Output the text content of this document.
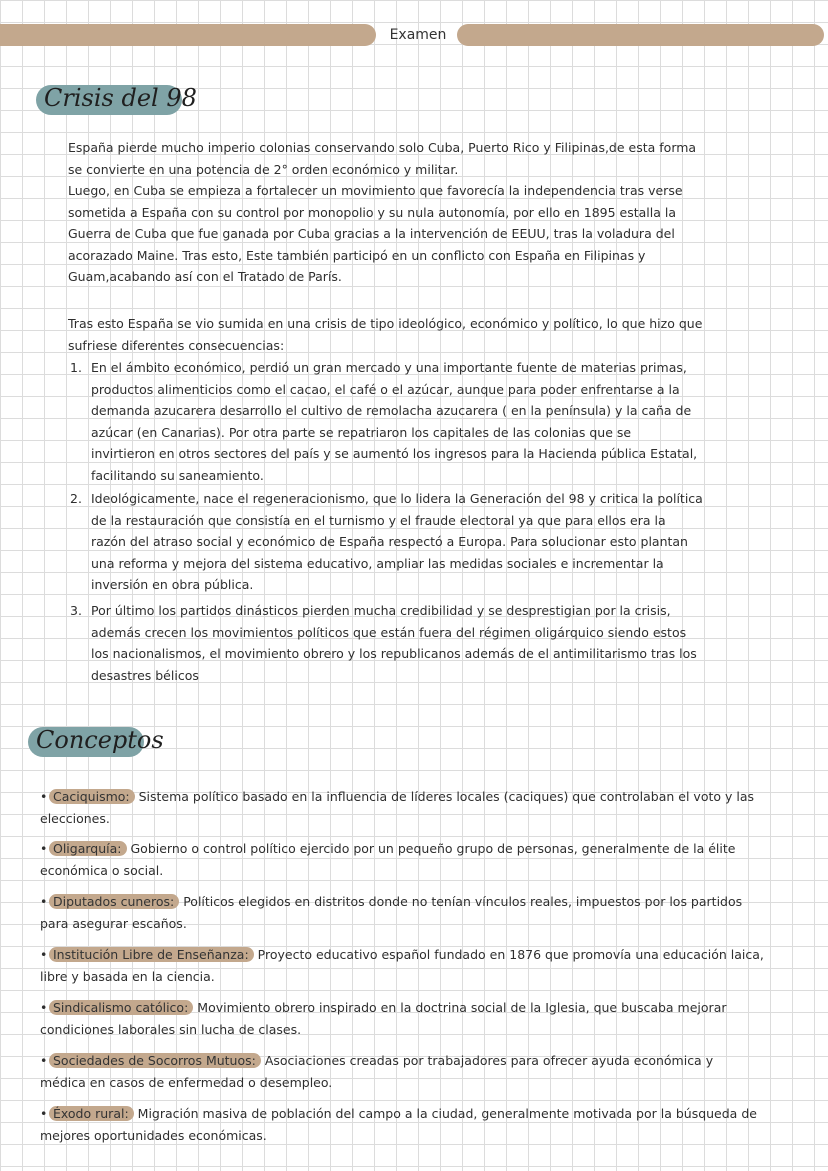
Examen
Crisis del 98
España pierde mucho imperio colonias conservando solo Cuba, Puerto Rico y Filipinas,de esta forma
se convierte en una potencia de 2° orden económico y militar.
Luego, en Cuba se empieza a fortalecer un movimiento que favorecía la independencia tras verse
sometida a España con su control por monopolio y su nula autonomía, por ello en 1895 estalla la
Guerra de Cuba que fue ganada por Cuba gracias a la intervención de EEUU, tras la voladura del
acorazado Maine. Tras esto, Este también participó en un conflicto con España en Filipinas y
Guam,acabando así con el Tratado de París.
Tras esto España se vio sumida en una crisis de tipo ideológico, económico y político, lo que hizo que
sufriese diferentes consecuencias:
1. En el ámbito económico, perdió un gran mercado y una importante fuente de materias primas,
productos alimenticios como el cacao, el café o el azúcar, aunque para poder enfrentarse a la
demanda azucarera desarrollo el cultivo de remolacha azucarera ( en la península) y la caña de
azúcar (en Canarias). Por otra parte se repatriaron los capitales de las colonias que se
invirtieron en otros sectores del país y se aumentó los ingresos para la Hacienda pública Estatal,
facilitando su saneamiento.
2. Ideológicamente, nace el regeneracionismo, que lo lidera la Generación del 98 y critica la política
de la restauración que consistía en el turnismo y el fraude electoral ya que para ellos era la
razón del atraso social y económico de España respectó a Europa. Para solucionar esto plantan
una reforma y mejora del sistema educativo, ampliar las medidas sociales e incrementar la
inversión en obra pública.
3. Por último los partidos dinásticos pierden mucha credibilidad y se desprestigian por la crisis,
además crecen los movimientos políticos que están fuera del régimen oligárquico siendo estos
los nacionalismos, el movimiento obrero y los republicanos además de el antimilitarismo tras los
desastres bélicos
Conceptos
• Caciquismo: Sistema político basado en la influencia de líderes locales (caciques) que controlaban el voto y las
elecciones.
• Oligarquía: Gobierno o control político ejercido por un pequeño grupo de personas, generalmente de la élite
económica o social.
• Diputados cuneros: Políticos elegidos en distritos donde no tenían vínculos reales, impuestos por los partidos
para asegurar escaños.
• Institución Libre de Enseñanza: Proyecto educativo español fundado en 1876 que promovía una educación laica,
libre y basada en la ciencia.
• Sindicalismo católico: Movimiento obrero inspirado en la doctrina social de la Iglesia, que buscaba mejorar
condiciones laborales sin lucha de clases.
• Sociedades de Socorros Mutuos: Asociaciones creadas por trabajadores para ofrecer ayuda económica y
médica en casos de enfermedad o desempleo.
• Éxodo rural: Migración masiva de población del campo a la ciudad, generalmente motivada por la búsqueda de
mejores oportunidades económicas.
